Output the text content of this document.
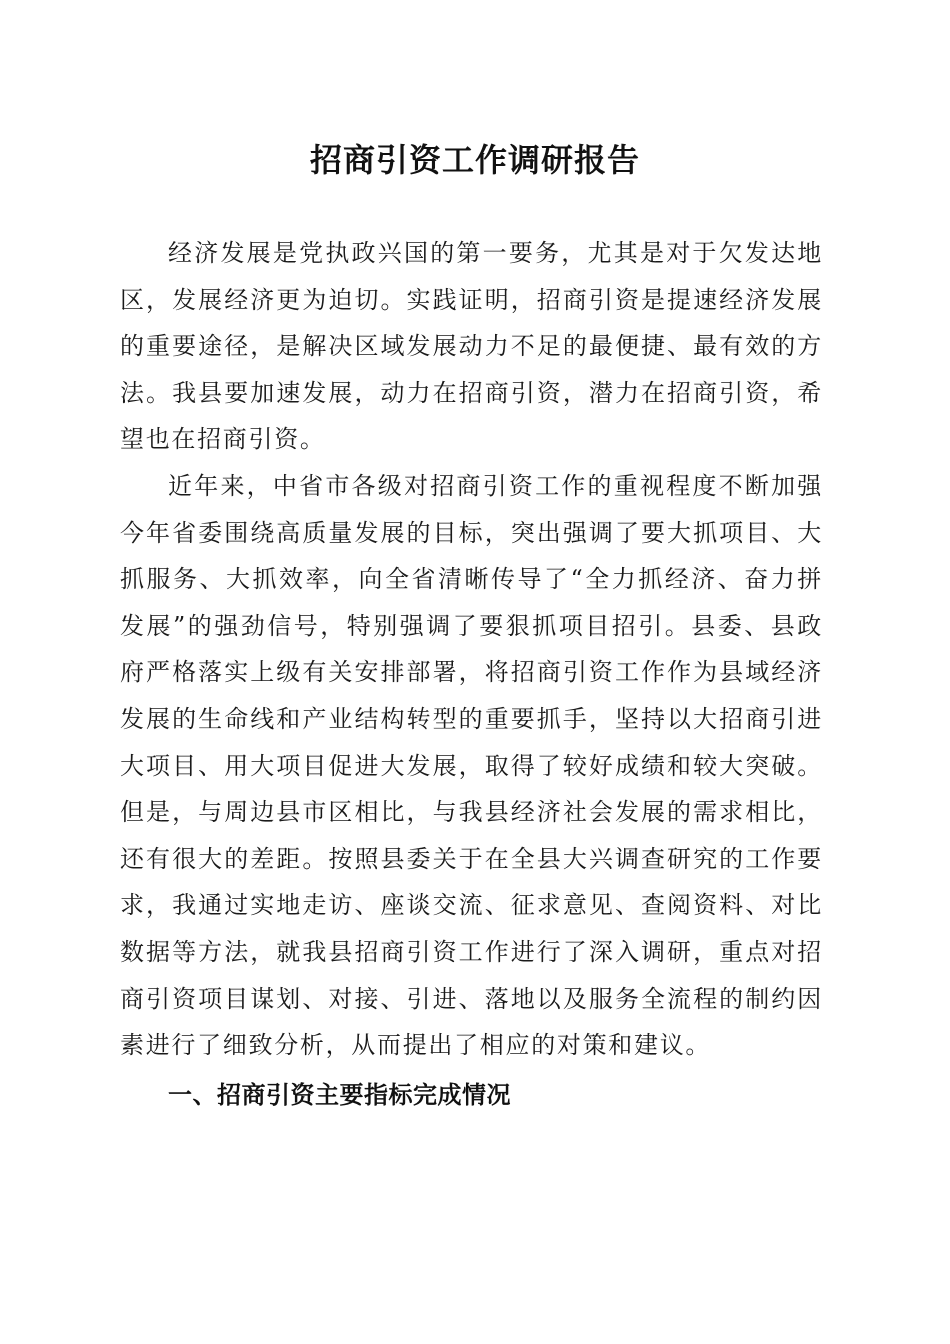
招商引资工作调研报告

经济发展是党执政兴国的第一要务，尤其是对于欠发达地区，发展经济更为迫切。实践证明，招商引资是提速经济发展的重要途径，是解决区域发展动力不足的最便捷、最有效的方法。我县要加速发展，动力在招商引资，潜力在招商引资，希望也在招商引资。

近年来，中省市各级对招商引资工作的重视程度不断加强今年省委围绕高质量发展的目标，突出强调了要大抓项目、大抓服务、大抓效率，向全省清晰传导了“全力抓经济、奋力拼发展”的强劲信号，特别强调了要狠抓项目招引。县委、县政府严格落实上级有关安排部署，将招商引资工作作为县域经济发展的生命线和产业结构转型的重要抓手，坚持以大招商引进大项目、用大项目促进大发展，取得了较好成绩和较大突破。但是，与周边县市区相比，与我县经济社会发展的需求相比，还有很大的差距。按照县委关于在全县大兴调查研究的工作要求，我通过实地走访、座谈交流、征求意见、查阅资料、对比数据等方法，就我县招商引资工作进行了深入调研，重点对招商引资项目谋划、对接、引进、落地以及服务全流程的制约因素进行了细致分析，从而提出了相应的对策和建议。

一、招商引资主要指标完成情况
